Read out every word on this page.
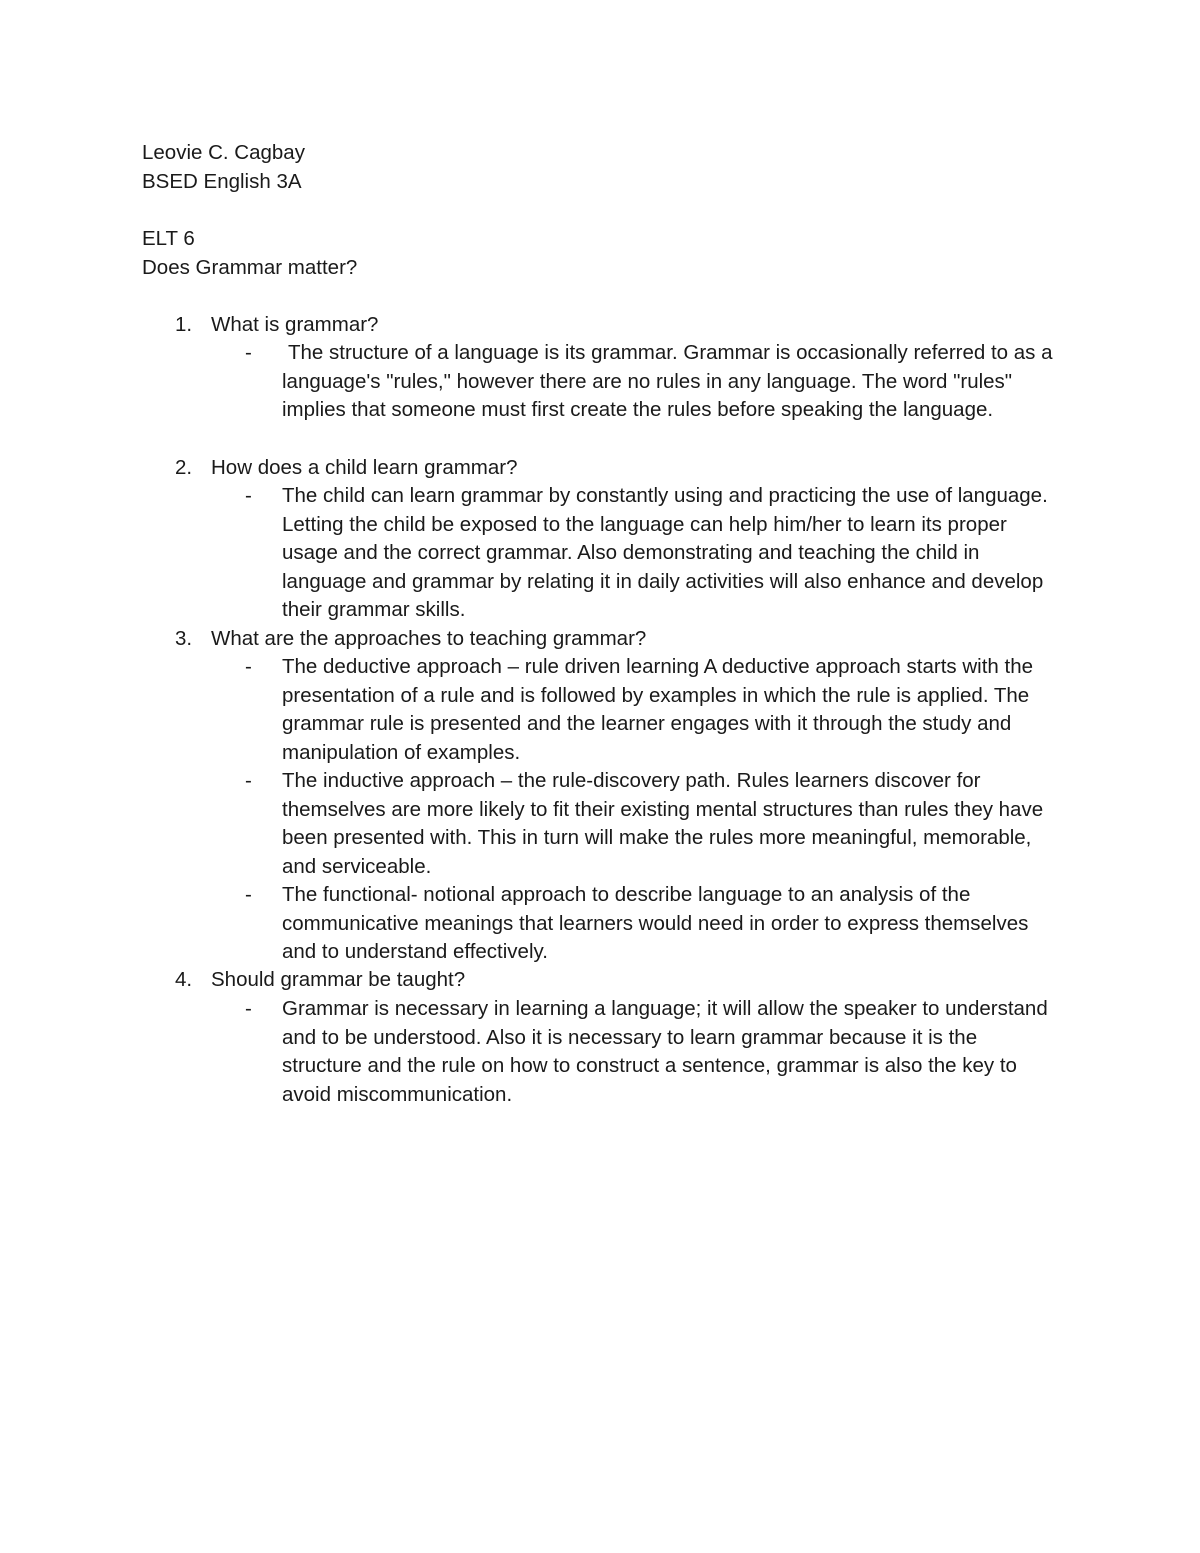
Leovie C. Cagbay
BSED English 3A
ELT 6
Does Grammar matter?
1. What is grammar?
- The structure of a language is its grammar. Grammar is occasionally referred to as a language's "rules," however there are no rules in any language. The word "rules" implies that someone must first create the rules before speaking the language.

2. How does a child learn grammar?
- The child can learn grammar by constantly using and practicing the use of language. Letting the child be exposed to the language can help him/her to learn its proper usage and the correct grammar. Also demonstrating and teaching the child in language and grammar by relating it in daily activities will also enhance and develop their grammar skills.

3. What are the approaches to teaching grammar?
- The deductive approach – rule driven learning A deductive approach starts with the presentation of a rule and is followed by examples in which the rule is applied. The grammar rule is presented and the learner engages with it through the study and manipulation of examples.

- The inductive approach – the rule-discovery path. Rules learners discover for themselves are more likely to fit their existing mental structures than rules they have been presented with. This in turn will make the rules more meaningful, memorable, and serviceable.

- The functional- notional approach to describe language to an analysis of the communicative meanings that learners would need in order to express themselves and to understand effectively.

4. Should grammar be taught?
- Grammar is necessary in learning a language; it will allow the speaker to understand and to be understood. Also it is necessary to learn grammar because it is the structure and the rule on how to construct a sentence, grammar is also the key to avoid miscommunication.
